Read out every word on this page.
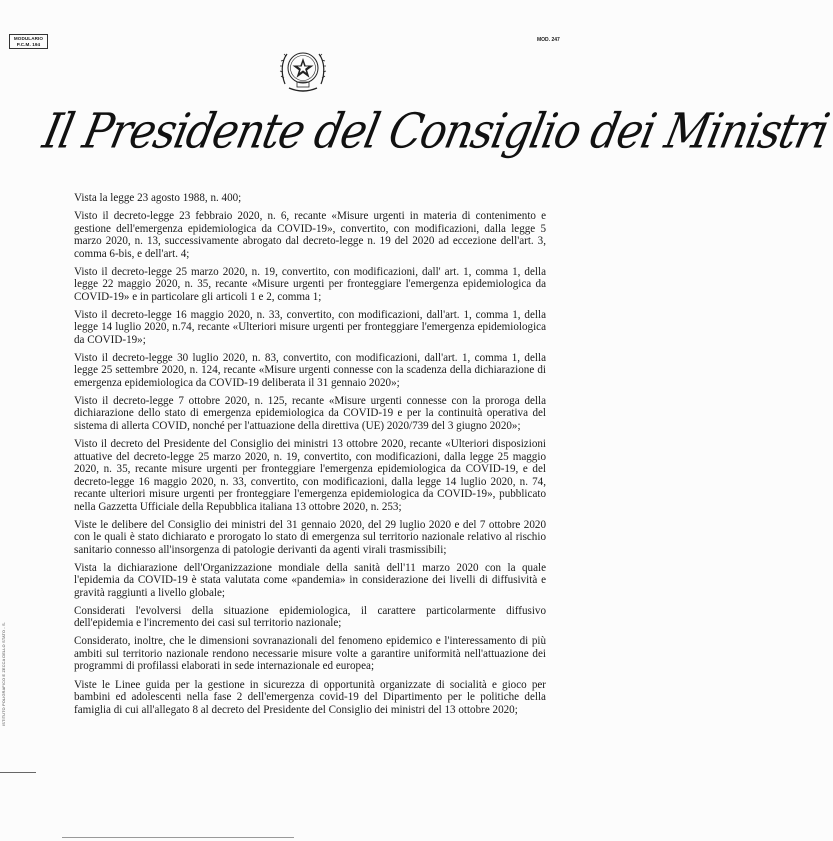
MODULARIO
P.C.M. 194
MOD. 247
Il Presidente del Consiglio dei Ministri
ISTITUTO POLIGRAFICO E ZECCA DELLO STATO - S.

Vista la legge 23 agosto 1988, n. 400;

Visto il decreto-legge 23 febbraio 2020, n. 6, recante «Misure urgenti in materia di contenimento e gestione dell'emergenza epidemiologica da COVID-19», convertito, con modificazioni, dalla legge 5 marzo 2020, n. 13, successivamente abrogato dal decreto-legge n. 19 del 2020 ad eccezione dell'art. 3, comma 6-bis, e dell'art. 4;

Visto il decreto-legge 25 marzo 2020, n. 19, convertito, con modificazioni, dall' art. 1, comma 1, della legge 22 maggio 2020, n. 35, recante «Misure urgenti per fronteggiare l'emergenza epidemiologica da COVID-19» e in particolare gli articoli 1 e 2, comma 1;

Visto il decreto-legge 16 maggio 2020, n. 33, convertito, con modificazioni, dall'art. 1, comma 1, della legge 14 luglio 2020, n.74, recante «Ulteriori misure urgenti per fronteggiare l'emergenza epidemiologica da COVID-19»;

Visto il decreto-legge 30 luglio 2020, n. 83, convertito, con modificazioni, dall'art. 1, comma 1, della legge 25 settembre 2020, n. 124, recante «Misure urgenti connesse con la scadenza della dichiarazione di emergenza epidemiologica da COVID-19 deliberata il 31 gennaio 2020»;

Visto il decreto-legge 7 ottobre 2020, n. 125, recante «Misure urgenti connesse con la proroga della dichiarazione dello stato di emergenza epidemiologica da COVID-19 e per la continuità operativa del sistema di allerta COVID, nonché per l'attuazione della direttiva (UE) 2020/739 del 3 giugno 2020»;

Visto il decreto del Presidente del Consiglio dei ministri 13 ottobre 2020, recante «Ulteriori disposizioni attuative del decreto-legge 25 marzo 2020, n. 19, convertito, con modificazioni, dalla legge 25 maggio 2020, n. 35, recante misure urgenti per fronteggiare l'emergenza epidemiologica da COVID-19, e del decreto-legge 16 maggio 2020, n. 33, convertito, con modificazioni, dalla legge 14 luglio 2020, n. 74, recante ulteriori misure urgenti per fronteggiare l'emergenza epidemiologica da COVID-19», pubblicato nella Gazzetta Ufficiale della Repubblica italiana 13 ottobre 2020, n. 253;

Viste le delibere del Consiglio dei ministri del 31 gennaio 2020, del 29 luglio 2020 e del 7 ottobre 2020 con le quali è stato dichiarato e prorogato lo stato di emergenza sul territorio nazionale relativo al rischio sanitario connesso all'insorgenza di patologie derivanti da agenti virali trasmissibili;

Vista la dichiarazione dell'Organizzazione mondiale della sanità dell'11 marzo 2020 con la quale l'epidemia da COVID-19 è stata valutata come «pandemia» in considerazione dei livelli di diffusività e gravità raggiunti a livello globale;

Considerati l'evolversi della situazione epidemiologica, il carattere particolarmente diffusivo dell'epidemia e l'incremento dei casi sul territorio nazionale;

Considerato, inoltre, che le dimensioni sovranazionali del fenomeno epidemico e l'interessamento di più ambiti sul territorio nazionale rendono necessarie misure volte a garantire uniformità nell'attuazione dei programmi di profilassi elaborati in sede internazionale ed europea;

Viste le Linee guida per la gestione in sicurezza di opportunità organizzate di socialità e gioco per bambini ed adolescenti nella fase 2 dell'emergenza covid-19 del Dipartimento per le politiche della famiglia di cui all'allegato 8 al decreto del Presidente del Consiglio dei ministri del 13 ottobre 2020;
